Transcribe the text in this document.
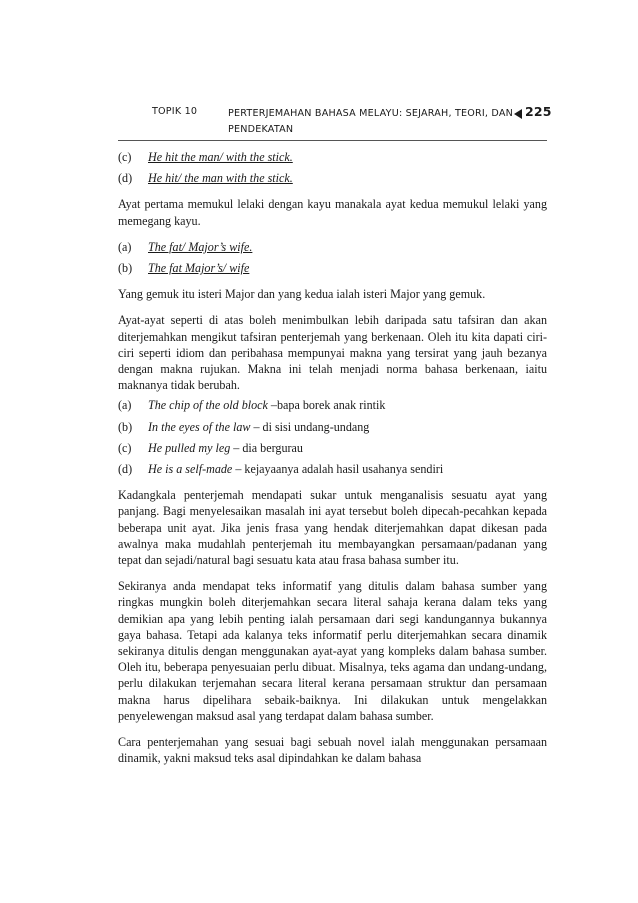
TOPIK 10	PERTERJEMAHAN BAHASA MELAYU: SEJARAH, TEORI, DAN PENDEKATAN
225
(c)	He hit the man/ with the stick.
(d)	He hit/ the man with the stick.

Ayat pertama memukul lelaki dengan kayu manakala ayat kedua memukul lelaki yang memegang kayu.

(a)	The fat/ Major’s wife.
(b)	The fat Major’s/ wife

Yang gemuk itu isteri Major dan yang kedua ialah isteri Major yang gemuk.

Ayat-ayat seperti di atas boleh menimbulkan lebih daripada satu tafsiran dan akan diterjemahkan mengikut tafsiran penterjemah yang berkenaan. Oleh itu kita dapati ciri-ciri seperti idiom dan peribahasa mempunyai makna yang tersirat yang jauh bezanya dengan makna rujukan. Makna ini telah menjadi norma bahasa berkenaan, iaitu maknanya tidak berubah.

(a)	The chip of the old block –bapa borek anak rintik
(b)	In the eyes of the law – di sisi undang-undang
(c)	He pulled my leg – dia bergurau
(d)	He is a self-made – kejayaanya adalah hasil usahanya sendiri

Kadangkala penterjemah mendapati sukar untuk menganalisis sesuatu ayat yang panjang. Bagi menyelesaikan masalah ini ayat tersebut boleh dipecah-pecahkan kepada beberapa unit ayat. Jika jenis frasa yang hendak diterjemahkan dapat dikesan pada awalnya maka mudahlah penterjemah itu membayangkan persamaan/padanan yang tepat dan sejadi/natural bagi sesuatu kata atau frasa bahasa sumber itu.

Sekiranya anda mendapat teks informatif yang ditulis dalam bahasa sumber yang ringkas mungkin boleh diterjemahkan secara literal sahaja kerana dalam teks yang demikian apa yang lebih penting ialah persamaan dari segi kandungannya bukannya gaya bahasa. Tetapi ada kalanya teks informatif perlu diterjemahkan secara dinamik sekiranya ditulis dengan menggunakan ayat-ayat yang kompleks dalam bahasa sumber. Oleh itu, beberapa penyesuaian perlu dibuat. Misalnya, teks agama dan undang-undang, perlu dilakukan terjemahan secara literal kerana persamaan struktur dan persamaan makna harus dipelihara sebaik-baiknya. Ini dilakukan untuk mengelakkan penyelewengan maksud asal yang terdapat dalam bahasa sumber.

Cara penterjemahan yang sesuai bagi sebuah novel ialah menggunakan persamaan dinamik, yakni maksud teks asal dipindahkan ke dalam bahasa
